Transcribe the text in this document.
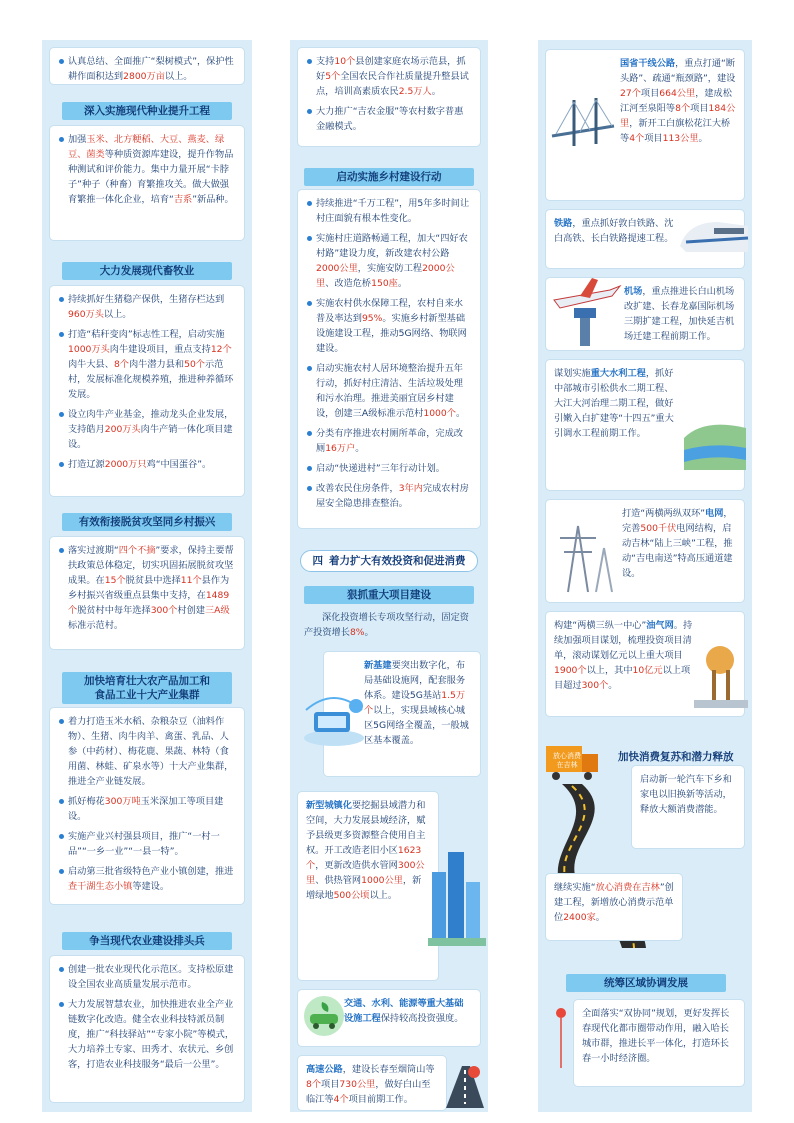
认真总结、全面推广“梨树模式”，保护性耕作面积达到2800万亩以上。
深入实施现代种业提升工程
加强玉米、北方粳稻、大豆、燕麦、绿豆、菌类等种质资源库建设，提升作物品种测试和评价能力。集中力量开展“卡脖子”种子（种畜）育繁推攻关。做大做强育繁推一体化企业，培育“吉系”新品种。
大力发展现代畜牧业
持续抓好生猪稳产保供，生猪存栏达到960万头以上。
打造“秸秆变肉”标志性工程，启动实施1000万头肉牛建设项目，重点支持12个肉牛大县、8个肉牛潜力县和50个示范村，发展标准化规模养殖，推进种养循环发展。
设立肉牛产业基金，推动龙头企业发展，支持皓月200万头肉牛产销一体化项目建设。
打造辽源2000万只鸡“中国蛋谷”。
有效衔接脱贫攻坚同乡村振兴
落实过渡期“四个不摘”要求，保持主要帮扶政策总体稳定，切实巩固拓展脱贫攻坚成果。在15个脱贫县中选择11个县作为乡村振兴省级重点县集中支持，在1489个脱贫村中每年选择300个村创建三A级标准示范村。
加快培育壮大农产品加工和
食品工业十大产业集群
着力打造玉米水稻、杂粮杂豆（油料作物）、生猪、肉牛肉羊、禽蛋、乳品、人参（中药材）、梅花鹿、果蔬、林特（食用菌、林蛙、矿泉水等）十大产业集群，推进全产业链发展。
抓好梅花300万吨玉米深加工等项目建设。
实施产业兴村强县项目，推广“一村一品”“一乡一业”“一县一特”。
启动第三批省级特色产业小镇创建，推进查干湖生态小镇等建设。
争当现代农业建设排头兵
创建一批农业现代化示范区。支持松原建设全国农业高质量发展示范市。
大力发展智慧农业，加快推进农业全产业链数字化改造。健全农业科技特派员制度，推广“科技驿站”“专家小院”等模式，大力培养土专家、田秀才、农状元、乡创客，打造农业科技服务“最后一公里”。
支持10个县创建家庭农场示范县，抓好5个全国农民合作社质量提升整县试点，培训高素质农民2.5万人。
大力推广“吉农金服”等农村数字普惠金融模式。
启动实施乡村建设行动
持续推进“千万工程”，用5年多时间让村庄面貌有根本性变化。
实施村庄道路畅通工程，加大“四好农村路”建设力度，新改建农村公路2000公里，实施安防工程2000公里、改造危桥150座。
实施农村供水保障工程，农村自来水普及率达到95%。实施乡村新型基础设施建设工程，推动5G网络、物联网建设。
启动实施农村人居环境整治提升五年行动，抓好村庄清洁、生活垃圾处理和污水治理。推进美丽宜居乡村建设，创建三A级标准示范村1000个。
分类有序推进农村厕所革命，完成改厕16万户。
启动“快递进村”三年行动计划。
改善农民住房条件，3年内完成农村房屋安全隐患排查整治。
四 着力扩大有效投资和促进消费
狠抓重大项目建设
深化投资增长专项攻坚行动，固定资产投资增长8%。
新基建要突出数字化，布局基础设施网，配套服务体系。建设5G基站1.5万个以上，实现县域核心城区5G网络全覆盖，一般城区基本覆盖。
新型城镇化要挖掘县域潜力和空间，大力发展县域经济，赋予县级更多资源整合使用自主权。开工改造老旧小区1623个，更新改造供水管网300公里、供热管网1000公里，新增绿地500公顷以上。
交通、水利、能源等重大基础设施工程保持较高投资强度。
高速公路，建设长春至烟筒山等8个项目730公里，做好白山至临江等4个项目前期工作。
国省干线公路，重点打通“断头路”、疏通“瓶颈路”，建设27个项目664公里，建成松江河至泉阳等8个项目184公里，新开工白旗松花江大桥等4个项目113公里。
铁路，重点抓好敦白铁路、沈白高铁、长白铁路提速工程。
机场，重点推进长白山机场改扩建、长春龙嘉国际机场三期扩建工程，加快延吉机场迁建工程前期工作。
谋划实施重大水利工程，抓好中部城市引松供水二期工程、大江大河治理二期工程，做好引嫩入白扩建等“十四五”重大引调水工程前期工作。
打造“两横两纵双环”电网，完善500千伏电网结构，启动吉林“陆上三峡”工程，推动“吉电南送”特高压通道建设。
构建“两横三纵一中心”油气网。持续加强项目谋划，梳理投资项目清单，滚动谋划亿元以上重大项目1900个以上，其中10亿元以上项目超过300个。
加快消费复苏和潜力释放
启动新一轮汽车下乡和家电以旧换新等活动，释放大额消费潜能。
放心消费在吉林
继续实施“放心消费在吉林”创建工程，新增放心消费示范单位2400家。
统筹区域协调发展
全面落实“双协同”规划，更好发挥长春现代化都市圈带动作用，融入哈长城市群，推进长平一体化，打造环长春一小时经济圈。
